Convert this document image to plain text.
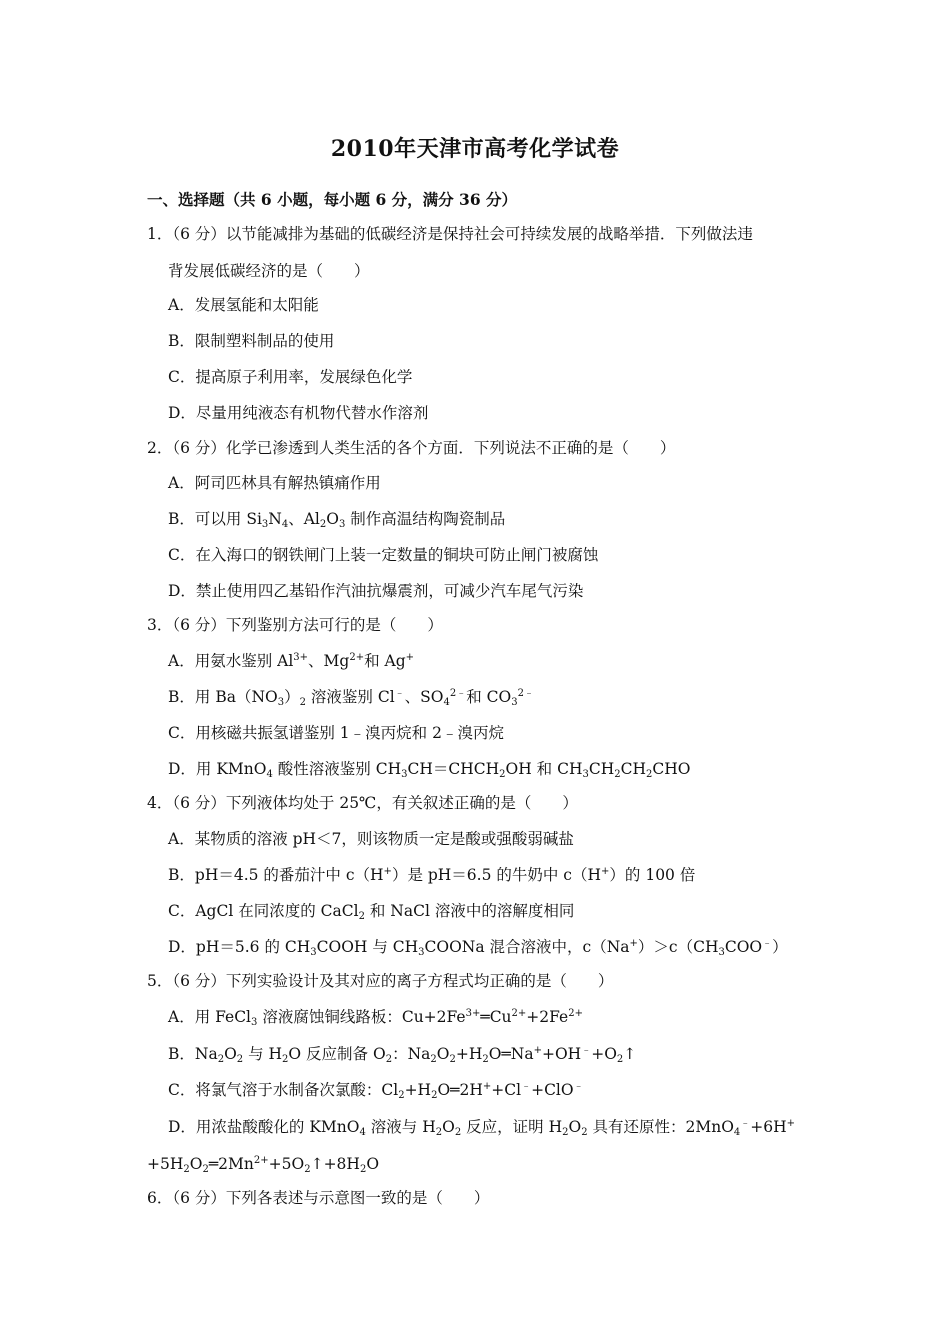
2010年天津市高考化学试卷
一、选择题（共 6 小题，每小题 6 分，满分 36 分）
1．（6 分）以节能减排为基础的低碳经济是保持社会可持续发展的战略举措．下列做法违
背发展低碳经济的是（　　）
A．发展氢能和太阳能
B．限制塑料制品的使用
C．提高原子利用率，发展绿色化学
D．尽量用纯液态有机物代替水作溶剂
2．（6 分）化学已渗透到人类生活的各个方面．下列说法不正确的是（　　）
A．阿司匹林具有解热镇痛作用
B．可以用 $Si_3N_4$、$Al_2O_3$ 制作高温结构陶瓷制品
C．在入海口的钢铁闸门上装一定数量的铜块可防止闸门被腐蚀
D．禁止使用四乙基铅作汽油抗爆震剂，可减少汽车尾气污染
3．（6 分）下列鉴别方法可行的是（　　）
A．用氨水鉴别 $Al^{3+}$、$Mg^{2+}$和 Ag+
B．用 $Ba(NO_3)_2$ 溶液鉴别 Cl﹣、$SO_4^{2﹣}$和 $CO_3^{2﹣}$
C．用核磁共振氢谱鉴别 1﹣溴丙烷和 2﹣溴丙烷
D．用 KMnO$_4$ 酸性溶液鉴别 $CH_3CH=CHCH_2OH$ 和 $CH_3CH_2CH_2CHO$
4．（6 分）下列液体均处于 25℃，有关叙述正确的是（　　）
A．某物质的溶液 pH＜7，则该物质一定是酸或强酸弱碱盐
B．pH＝4.5 的番茄汁中 c（H+）是 pH＝6.5 的牛奶中 c（H+）的 100 倍
C．AgCl 在同浓度的 CaCl$_2$ 和 NaCl 溶液中的溶解度相同
D．pH＝5.6 的 $CH_3COOH$ 与 $CH_3COONa$ 混合溶液中，$c(Na^+)>c(CH_3COO^﹣)$
5．（6 分）下列实验设计及其对应的离子方程式均正确的是（　　）
A．用 FeCl$_3$ 溶液腐蚀铜线路板：$Cu+2Fe^{3+}═Cu^{2+}+2Fe^{2+}$
B．$Na_2O_2$ 与 $H_2O$ 反应制备 $O_2$：$Na_2O_2+H_2O═Na^++OH^﹣+O_2↑$
C．将氯气溶于水制备次氯酸：$Cl_2+H_2O═2H^++Cl^﹣+ClO^﹣$
D．用浓盐酸酸化的 KMnO$_4$ 溶液与 $H_2O_2$ 反应，证明 $H_2O_2$ 具有还原性：2MnO$_4$﹣+6H+
$+5H_2O_2═2Mn^{2+}+5O_2↑+8H_2O$
6．（6 分）下列各表述与示意图一致的是（　　）
